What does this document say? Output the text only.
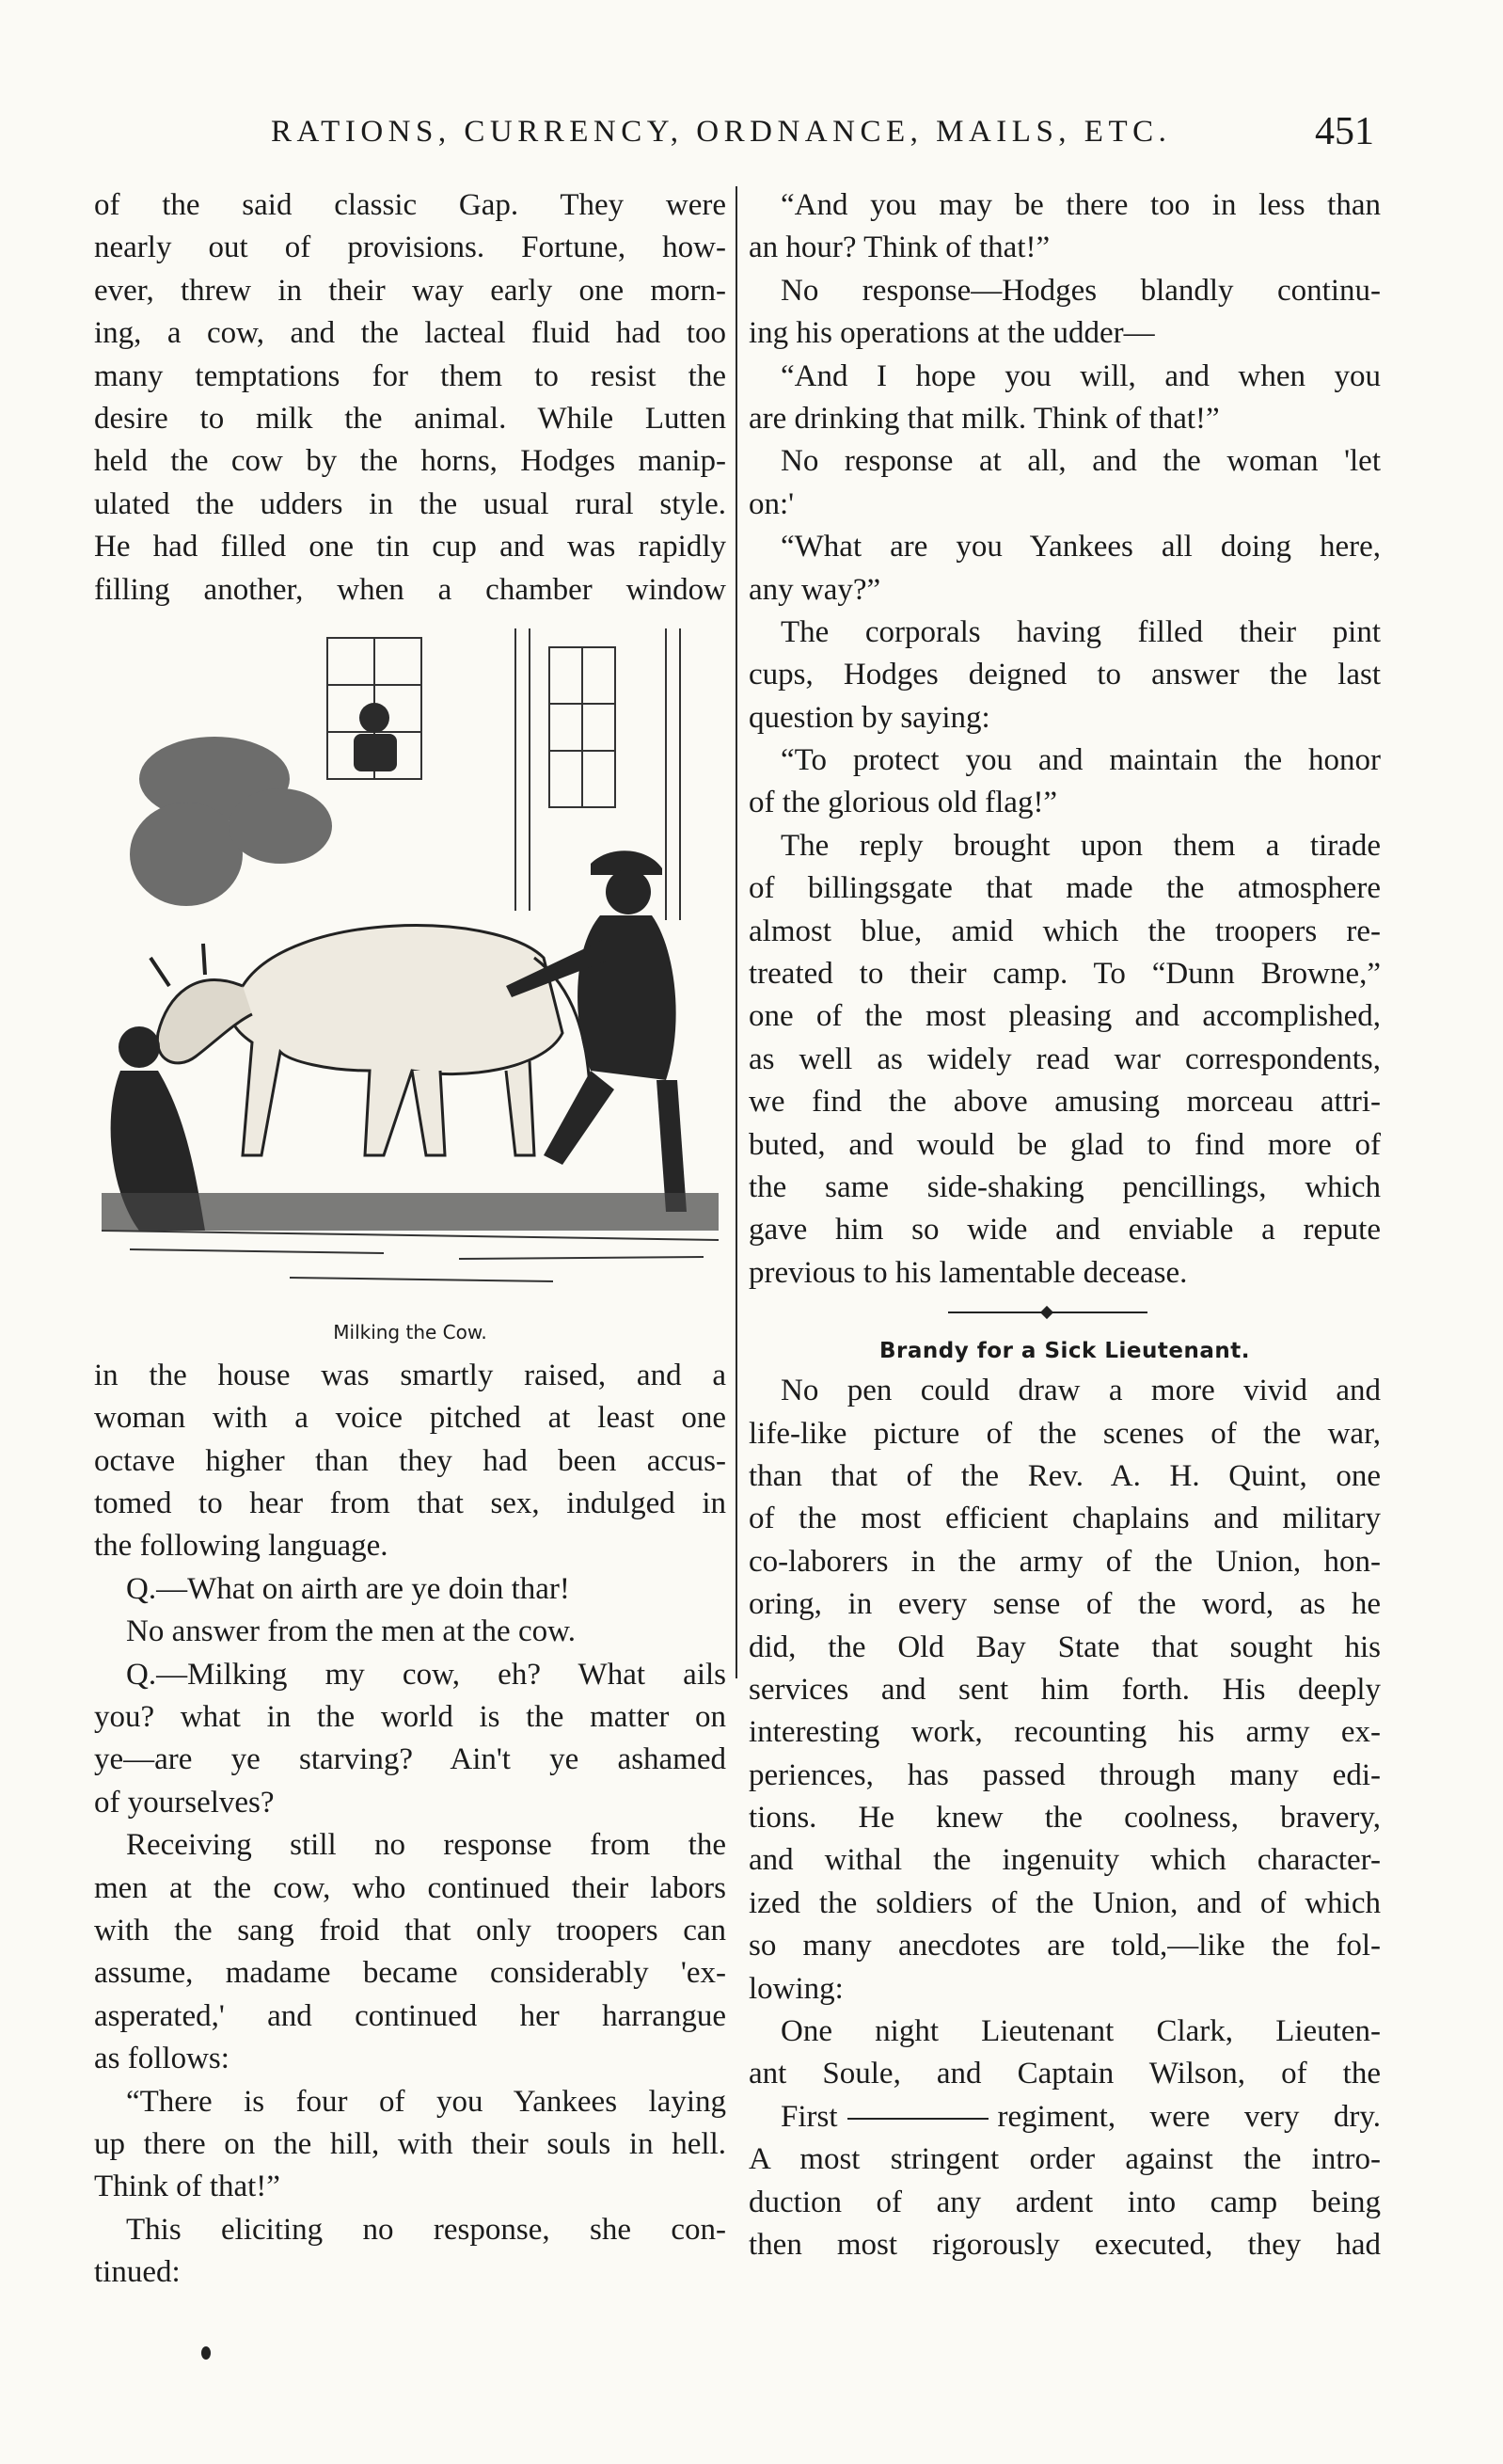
RATIONS, CURRENCY, ORDNANCE, MAILS, ETC.	451
of the said classic Gap. They were
nearly out of provisions. Fortune, how-
ever, threw in their way early one morn-
ing, a cow, and the lacteal fluid had too
many temptations for them to resist the
desire to milk the animal. While Lutten
held the cow by the horns, Hodges manip-
ulated the udders in the usual rural style.
He had filled one tin cup and was rapidly
filling another, when a chamber window
Milking the Cow.
in the house was smartly raised, and a
woman with a voice pitched at least one
octave higher than they had been accus-
tomed to hear from that sex, indulged in
the following language.
Q.—What on airth are ye doin thar!
No answer from the men at the cow.
Q.—Milking my cow, eh? What ails
you? what in the world is the matter on
ye—are ye starving? Ain't ye ashamed
of yourselves?
Receiving still no response from the
men at the cow, who continued their labors
with the sang froid that only troopers can
assume, madame became considerably 'ex-
asperated,' and continued her harrangue
as follows:
“There is four of you Yankees laying
up there on the hill, with their souls in hell.
Think of that!”
This eliciting no response, she con-
tinued:
“And you may be there too in less than
an hour? Think of that!”
No response—Hodges blandly continu-
ing his operations at the udder—
“And I hope you will, and when you
are drinking that milk. Think of that!”
No response at all, and the woman 'let
on:'
“What are you Yankees all doing here,
any way?”
The corporals having filled their pint
cups, Hodges deigned to answer the last
question by saying:
“To protect you and maintain the honor
of the glorious old flag!”
The reply brought upon them a tirade
of billingsgate that made the atmosphere
almost blue, amid which the troopers re-
treated to their camp. To “Dunn Browne,”
one of the most pleasing and accomplished,
as well as widely read war correspondents,
we find the above amusing morceau attri-
buted, and would be glad to find more of
the same side-shaking pencillings, which
gave him so wide and enviable a repute
previous to his lamentable decease.
Brandy for a Sick Lieutenant.
No pen could draw a more vivid and
life-like picture of the scenes of the war,
than that of the Rev. A. H. Quint, one
of the most efficient chaplains and military
co-laborers in the army of the Union, hon-
oring, in every sense of the word, as he
did, the Old Bay State that sought his
services and sent him forth. His deeply
interesting work, recounting his army ex-
periences, has passed through many edi-
tions. He knew the coolness, bravery,
and withal the ingenuity which character-
ized the soldiers of the Union, and of which
so many anecdotes are told,—like the fol-
lowing:
One night Lieutenant Clark, Lieuten-
ant Soule, and Captain Wilson, of the
First	regiment, were very dry.
A most stringent order against the intro-
duction of any ardent into camp being
then most rigorously executed, they had
